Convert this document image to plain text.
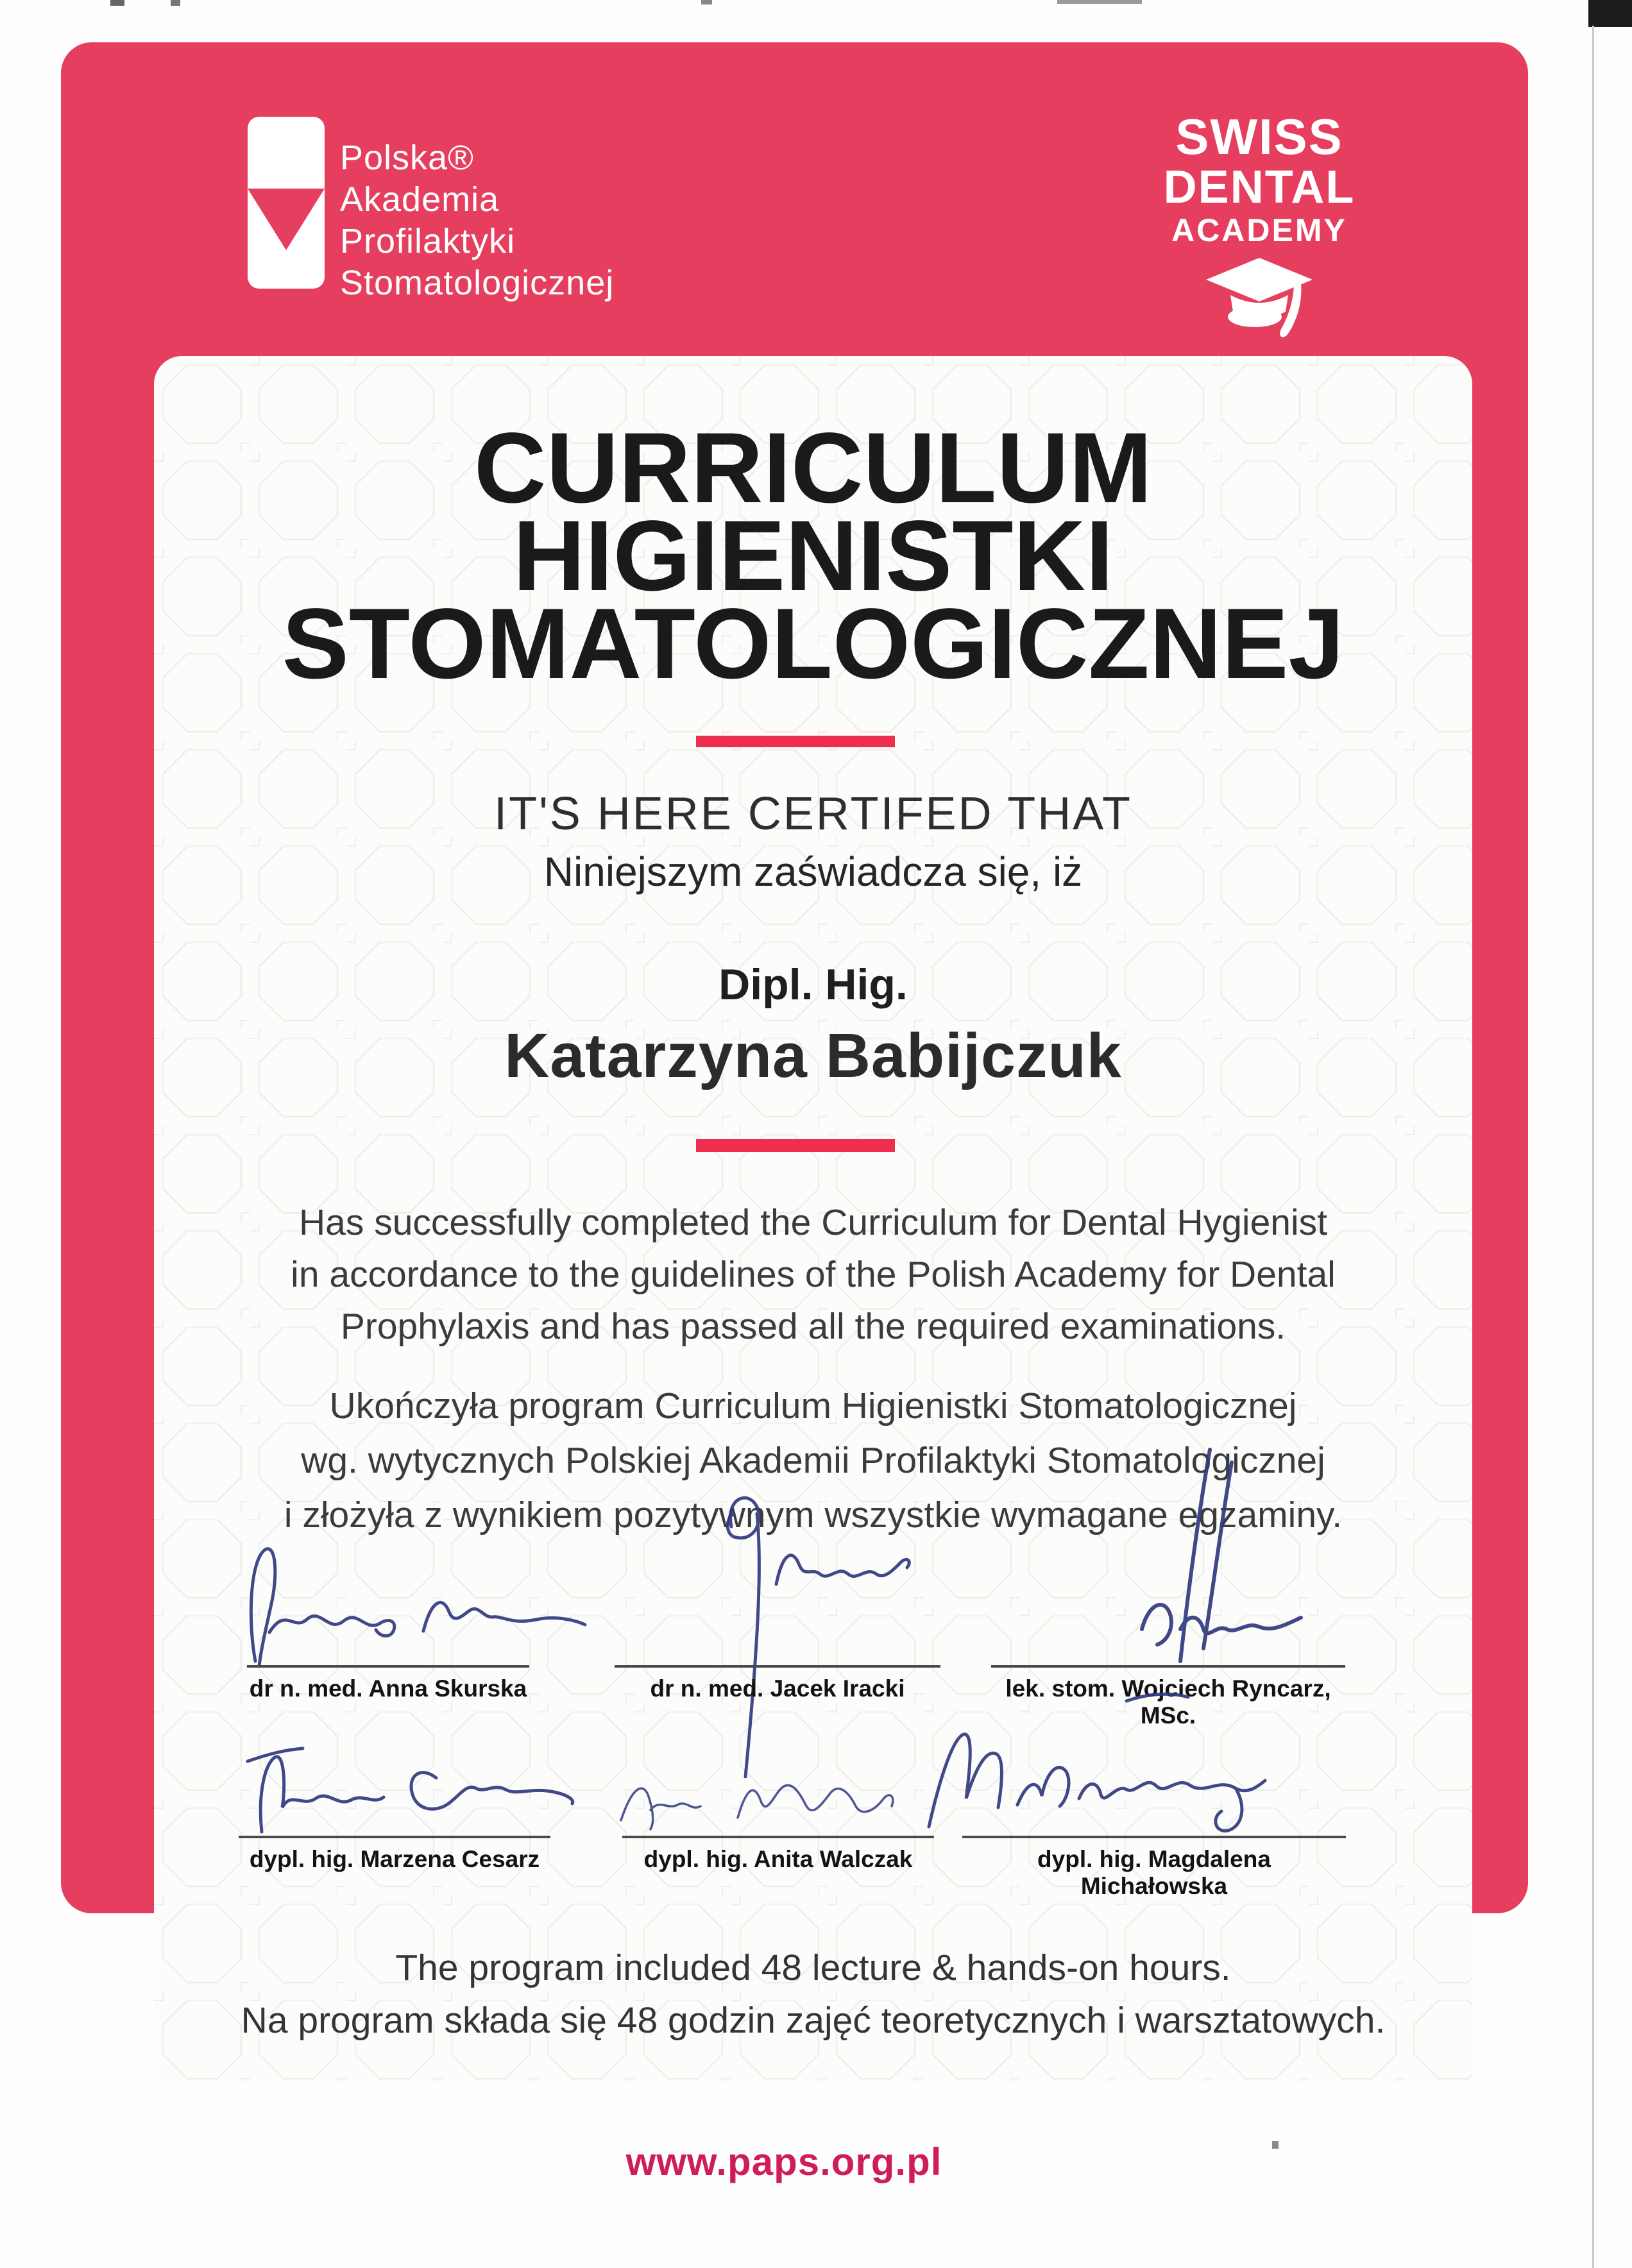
Polska®
Akademia
Profilaktyki
Stomatologicznej
SWISS
DENTAL
ACADEMY
CURRICULUM
HIGIENISTKI
STOMATOLOGICZNEJ
IT'S HERE CERTIFED THAT
Niniejszym zaświadcza się, iż
Dipl. Hig.
Katarzyna Babijczuk
Has successfully completed the Curriculum for Dental Hygienist
in accordance to the guidelines of the Polish Academy for Dental
Prophylaxis and has passed all the required examinations.
Ukończyła program Curriculum Higienistki Stomatologicznej
wg. wytycznych Polskiej Akademii Profilaktyki Stomatologicznej
i złożyła z wynikiem pozytywnym wszystkie wymagane egzaminy.
dr n. med. Anna Skurska	dr n. med. Jacek Iracki	lek. stom. Wojciech Ryncarz, MSc.
dypl. hig. Marzena Cesarz	dypl. hig. Anita Walczak	dypl. hig. Magdalena Michałowska
The program included 48 lecture & hands-on hours.
Na program składa się 48 godzin zajęć teoretycznych i warsztatowych.
www.paps.org.pl
